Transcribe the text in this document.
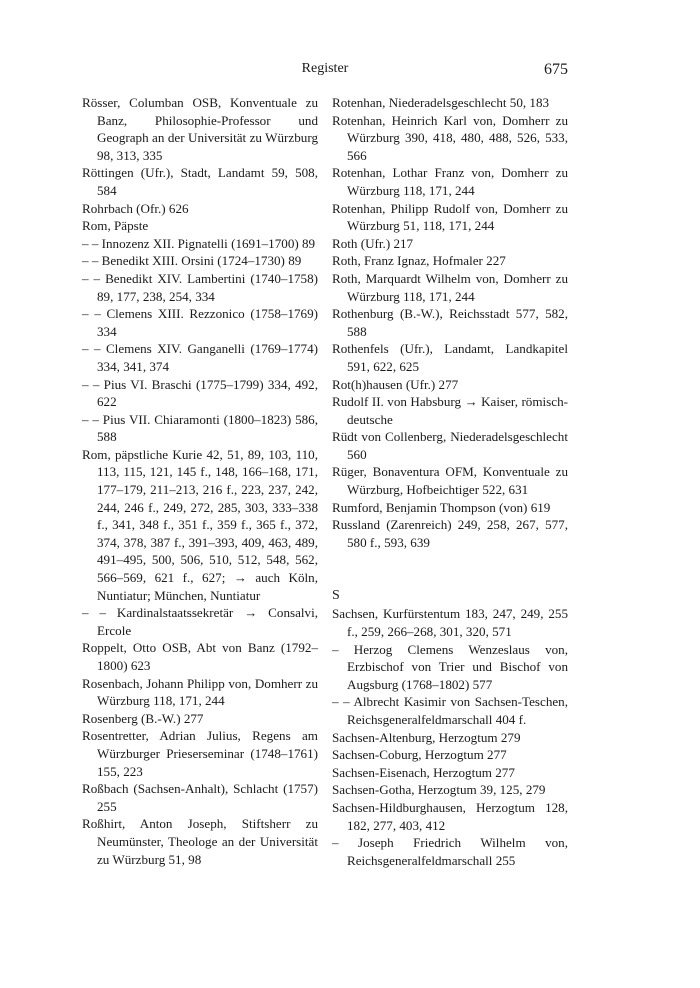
Register	675

Rösser, Columban OSB, Konventuale zu Banz, Philosophie-Professor und Geograph an der Universität zu Würzburg 98, 313, 335

Röttingen (Ufr.), Stadt, Landamt 59, 508, 584

Rohrbach (Ofr.) 626

Rom, Päpste

– – Innozenz XII. Pignatelli (1691–1700) 89

– – Benedikt XIII. Orsini (1724–1730) 89

– – Benedikt XIV. Lambertini (1740–1758) 89, 177, 238, 254, 334

– – Clemens XIII. Rezzonico (1758–1769) 334

– – Clemens XIV. Ganganelli (1769–1774) 334, 341, 374

– – Pius VI. Braschi (1775–1799) 334, 492, 622

– – Pius VII. Chiaramonti (1800–1823) 586, 588

Rom, päpstliche Kurie 42, 51, 89, 103, 110, 113, 115, 121, 145 f., 148, 166–168, 171, 177–179, 211–213, 216 f., 223, 237, 242, 244, 246 f., 249, 272, 285, 303, 333–338 f., 341, 348 f., 351 f., 359 f., 365 f., 372, 374, 378, 387 f., 391–393, 409, 463, 489, 491–495, 500, 506, 510, 512, 548, 562, 566–569, 621 f., 627; → auch Köln, Nuntiatur; München, Nuntiatur

– – Kardinalstaatssekretär → Consalvi, Ercole

Roppelt, Otto OSB, Abt von Banz (1792–1800) 623

Rosenbach, Johann Philipp von, Domherr zu Würzburg 118, 171, 244

Rosenberg (B.-W.) 277

Rosentretter, Adrian Julius, Regens am Würzburger Prieserseminar (1748–1761) 155, 223

Roßbach (Sachsen-Anhalt), Schlacht (1757) 255

Roßhirt, Anton Joseph, Stiftsherr zu Neumünster, Theologe an der Universität zu Würzburg 51, 98

Rotenhan, Niederadelsgeschlecht 50, 183

Rotenhan, Heinrich Karl von, Domherr zu Würzburg 390, 418, 480, 488, 526, 533, 566

Rotenhan, Lothar Franz von, Domherr zu Würzburg 118, 171, 244

Rotenhan, Philipp Rudolf von, Domherr zu Würzburg 51, 118, 171, 244

Roth (Ufr.) 217

Roth, Franz Ignaz, Hofmaler 227

Roth, Marquardt Wilhelm von, Domherr zu Würzburg 118, 171, 244

Rothenburg (B.-W.), Reichsstadt 577, 582, 588

Rothenfels (Ufr.), Landamt, Landkapitel 591, 622, 625

Rot(h)hausen (Ufr.) 277

Rudolf II. von Habsburg → Kaiser, römisch-deutsche

Rüdt von Collenberg, Niederadelsgeschlecht 560

Rüger, Bonaventura OFM, Konventuale zu Würzburg, Hofbeichtiger 522, 631

Rumford, Benjamin Thompson (von) 619

Russland (Zarenreich) 249, 258, 267, 577, 580 f., 593, 639

S

Sachsen, Kurfürstentum 183, 247, 249, 255 f., 259, 266–268, 301, 320, 571

– Herzog Clemens Wenzeslaus von, Erzbischof von Trier und Bischof von Augsburg (1768–1802) 577

– – Albrecht Kasimir von Sachsen-Teschen, Reichsgeneralfeldmarschall 404 f.

Sachsen-Altenburg, Herzogtum 279

Sachsen-Coburg, Herzogtum 277

Sachsen-Eisenach, Herzogtum 277

Sachsen-Gotha, Herzogtum 39, 125, 279

Sachsen-Hildburghausen, Herzogtum 128, 182, 277, 403, 412

– Joseph Friedrich Wilhelm von, Reichsgeneralfeldmarschall 255
